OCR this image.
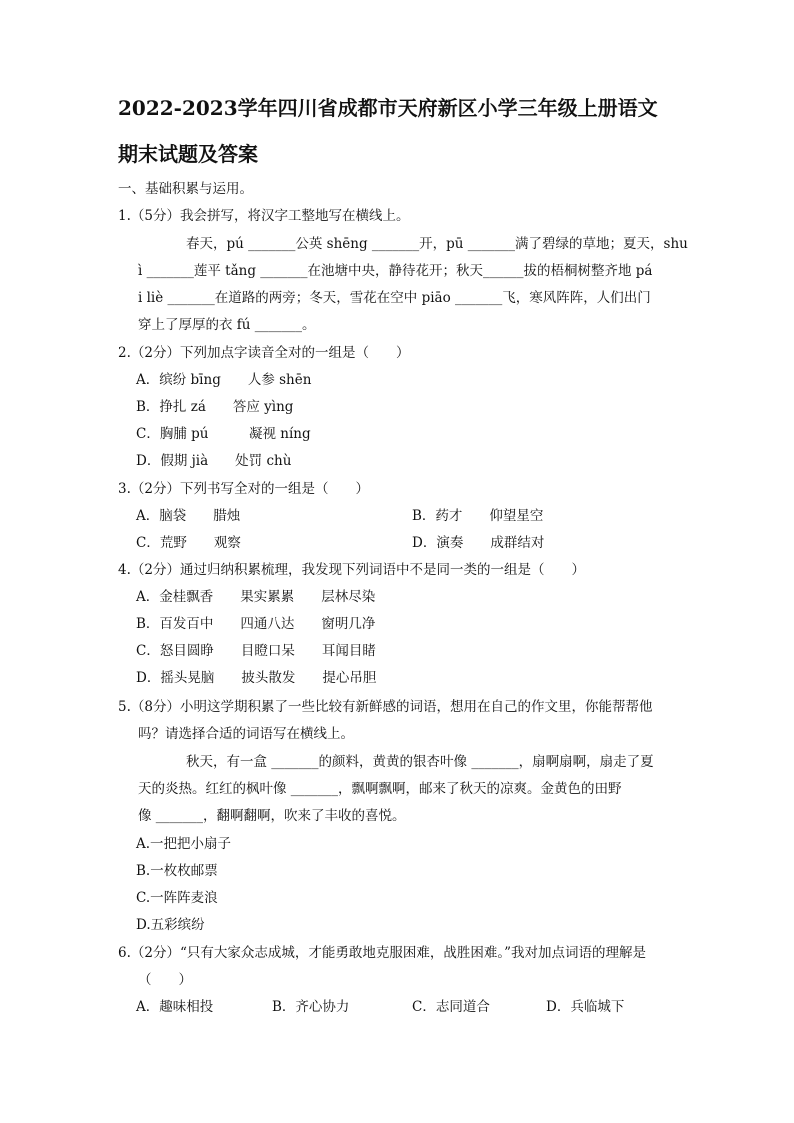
2022-2023学年四川省成都市天府新区小学三年级上册语文
期末试题及答案
一、基础积累与运用。
1.（5分）我会拼写，将汉字工整地写在横线上。
春天，pú _______公英 shēng _______开，pū _______满了碧绿的草地；夏天，shu
ì _______莲平 tǎng _______在池塘中央，静待花开；秋天______拔的梧桐树整齐地 pá
i liè _______在道路的两旁；冬天，雪花在空中 piāo _______飞，寒风阵阵，人们出门
穿上了厚厚的衣 fú _______。
2.（2分）下列加点字读音全对的一组是（　　）
A．缤纷 bīng　　人参 shēn
B．挣扎 zá　　答应 yìng
C．胸脯 pú　　　凝视 níng
D．假期 jià　　处罚 chù
3.（2分）下列书写全对的一组是（　　）
A．脑袋　　腊烛	B．药才　　仰望星空
C．荒野　　观察	D．演奏　　成群结对
4.（2分）通过归纳积累梳理，我发现下列词语中不是同一类的一组是（　　）
A．金桂飘香　　果实累累　　层林尽染
B．百发百中　　四通八达　　窗明几净
C．怒目圆睁　　目瞪口呆　　耳闻目睹
D．摇头晃脑　　披头散发　　提心吊胆
5.（8分）小明这学期积累了一些比较有新鲜感的词语，想用在自己的作文里，你能帮帮他
吗？请选择合适的词语写在横线上。
秋天，有一盒 _______的颜料，黄黄的银杏叶像 _______，扇啊扇啊，扇走了夏
天的炎热。红红的枫叶像 _______，飘啊飘啊，邮来了秋天的凉爽。金黄色的田野
像 _______，翻啊翻啊，吹来了丰收的喜悦。
A.一把把小扇子
B.一枚枚邮票
C.一阵阵麦浪
D.五彩缤纷
6.（2分）“只有大家众志成城，才能勇敢地克服困难，战胜困难。”我对加点词语的理解是
（　　）
A．趣味相投	B．齐心协力	C．志同道合	D．兵临城下
